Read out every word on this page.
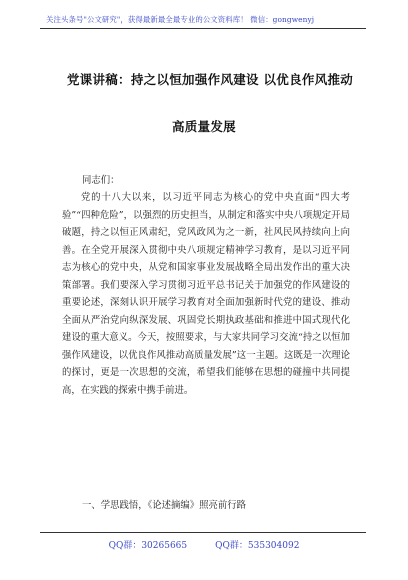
关注头条号"公文研究"，获得最新最全最专业的公文资料库！ 微信：gongwenyj
党课讲稿：持之以恒加强作风建设 以优良作风推动
高质量发展
同志们：
党的十八大以来，以习近平同志为核心的党中央直面“四大考验”“四种危险”，以强烈的历史担当，从制定和落实中央八项规定开局破题，持之以恒正风肃纪，党风政风为之一新，社风民风持续向上向善。在全党开展深入贯彻中央八项规定精神学习教育，是以习近平同志为核心的党中央，从党和国家事业发展战略全局出发作出的重大决策部署。我们要深入学习贯彻习近平总书记关于加强党的作风建设的重要论述，深刻认识开展学习教育对全面加强新时代党的建设、推动全面从严治党向纵深发展、巩固党长期执政基础和推进中国式现代化建设的重大意义。今天，按照要求，与大家共同学习交流“持之以恒加强作风建设，以优良作风推动高质量发展”这一主题。这既是一次理论的探讨，更是一次思想的交流，希望我们能够在思想的碰撞中共同提高，在实践的探索中携手前进。
一、学思践悟，《论述摘编》照亮前行路
QQ群：30265665	QQ群：535304092
